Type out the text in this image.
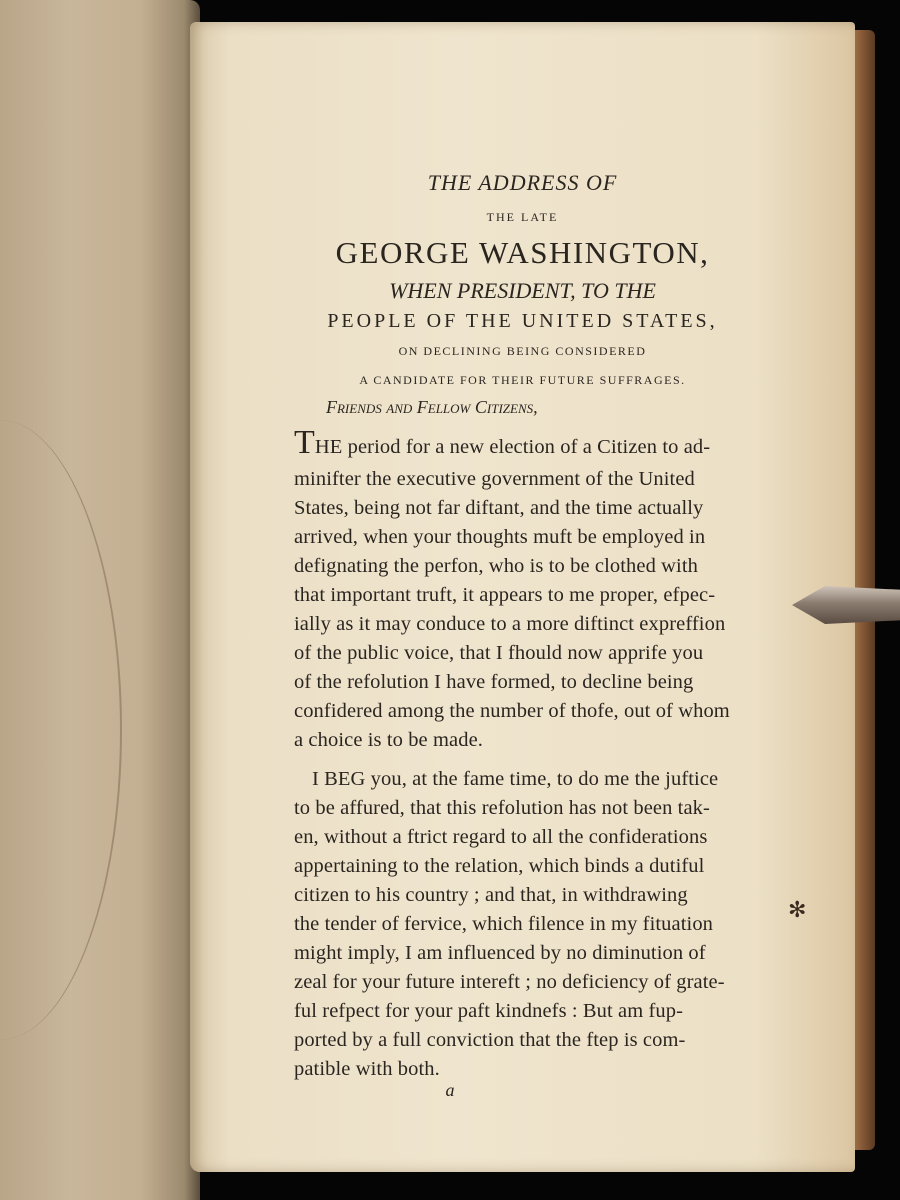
THE ADDRESS OF
THE LATE
GEORGE WASHINGTON,
WHEN PRESIDENT, TO THE
PEOPLE OF THE UNITED STATES,
ON DECLINING BEING CONSIDERED
A CANDIDATE FOR THEIR FUTURE SUFFRAGES.
Friends and Fellow Citizens,
THE period for a new election of a Citizen to ad-
minifter the executive government of the United
States, being not far diftant, and the time actually
arrived, when your thoughts muft be employed in
defignating the perfon, who is to be clothed with
that important truft, it appears to me proper, efpec-
ially as it may conduce to a more diftinct expreffion
of the public voice, that I fhould now apprife you
of the refolution I have formed, to decline being
confidered among the number of thofe, out of whom
a choice is to be made.
I BEG you, at the fame time, to do me the juftice
to be affured, that this refolution has not been tak-
en, without a ftrict regard to all the confiderations
appertaining to the relation, which binds a dutiful
citizen to his country ; and that, in withdrawing
the tender of fervice, which filence in my fituation
might imply, I am influenced by no diminution of
zeal for your future intereft ; no deficiency of grate-
ful refpect for your paft kindnefs : But am fup-
ported by a full conviction that the ftep is com-
patible with both.
a
✻
